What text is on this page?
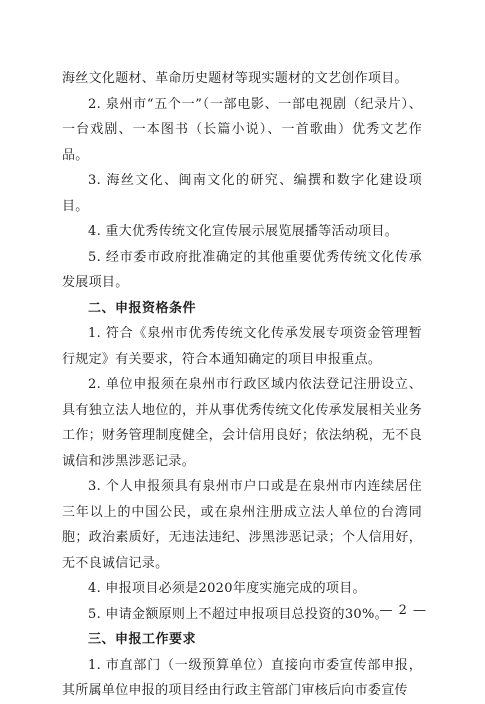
海丝文化题材、革命历史题材等现实题材的文艺创作项目。

2. 泉州市“五个一”（一部电影、一部电视剧（纪录片）、一台戏剧、一本图书（长篇小说）、一首歌曲）优秀文艺作品。

3. 海丝文化、闽南文化的研究、编撰和数字化建设项目。

4. 重大优秀传统文化宣传展示展览展播等活动项目。

5. 经市委市政府批准确定的其他重要优秀传统文化传承发展项目。

二、申报资格条件

1. 符合《泉州市优秀传统文化传承发展专项资金管理暂行规定》有关要求，符合本通知确定的项目申报重点。

2. 单位申报须在泉州市行政区域内依法登记注册设立、具有独立法人地位的，并从事优秀传统文化传承发展相关业务工作；财务管理制度健全，会计信用良好；依法纳税，无不良诚信和涉黑涉恶记录。

3. 个人申报须具有泉州市户口或是在泉州市内连续居住三年以上的中国公民，或在泉州注册成立法人单位的台湾同胞；政治素质好，无违法违纪、涉黑涉恶记录；个人信用好，无不良诚信记录。

4. 申报项目必须是2020年度实施完成的项目。

5. 申请金额原则上不超过申报项目总投资的30%。

三、申报工作要求

1. 市直部门（一级预算单位）直接向市委宣传部申报，其所属单位申报的项目经由行政主管部门审核后向市委宣传

— 2 —
